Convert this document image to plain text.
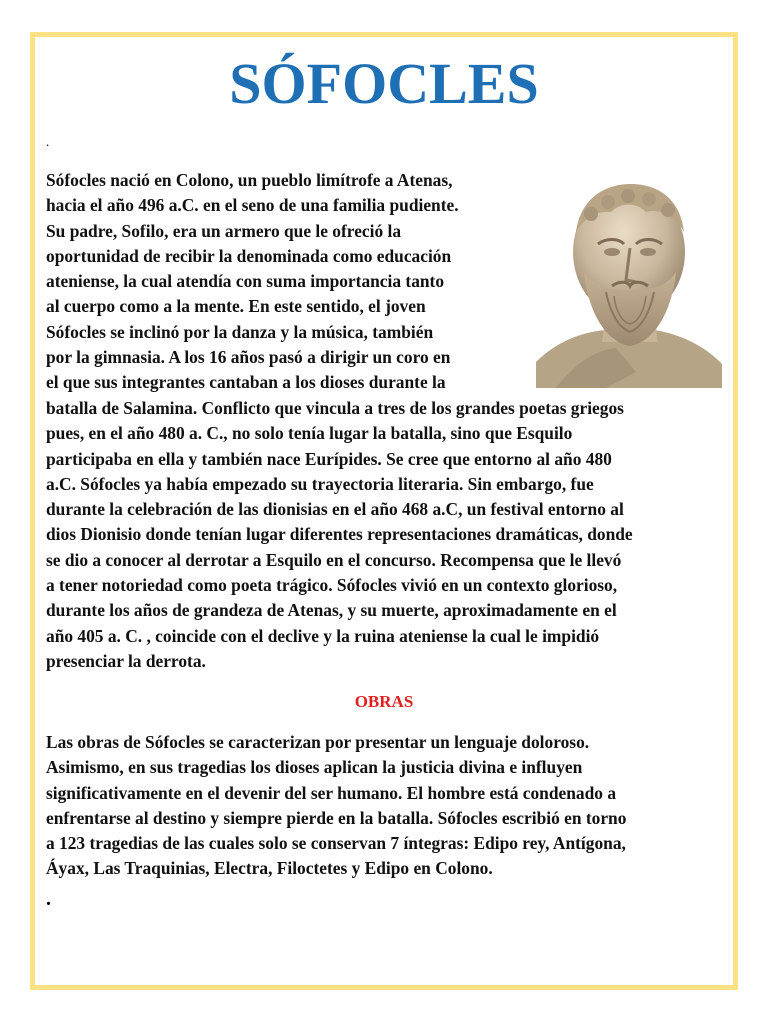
SÓFOCLES
.
Sófocles nació en Colono, un pueblo limítrofe a Atenas,
hacia el año 496 a.C. en el seno de una familia pudiente.
Su padre, Sofilo, era un armero que le ofreció la
oportunidad de recibir la denominada como educación
ateniense, la cual atendía con suma importancia tanto
al cuerpo como a la mente. En este sentido, el joven
Sófocles se inclinó por la danza y la música, también
por la gimnasia. A los 16 años pasó a dirigir un coro en
el que sus integrantes cantaban a los dioses durante la
batalla de Salamina. Conflicto que vincula a tres de los grandes poetas griegos
pues, en el año 480 a. C., no solo tenía lugar la batalla, sino que Esquilo
participaba en ella y también nace Eurípides. Se cree que entorno al año 480
a.C. Sófocles ya había empezado su trayectoria literaria. Sin embargo, fue
durante la celebración de las dionisias en el año 468 a.C, un festival entorno al
dios Dionisio donde tenían lugar diferentes representaciones dramáticas, donde
se dio a conocer al derrotar a Esquilo en el concurso. Recompensa que le llevó
a tener notoriedad como poeta trágico. Sófocles vivió en un contexto glorioso,
durante los años de grandeza de Atenas, y su muerte, aproximadamente en el
año 405 a. C. , coincide con el declive y la ruina ateniense la cual le impidió
presenciar la derrota.
OBRAS
Las obras de Sófocles se caracterizan por presentar un lenguaje doloroso.
Asimismo, en sus tragedias los dioses aplican la justicia divina e influyen
significativamente en el devenir del ser humano. El hombre está condenado a
enfrentarse al destino y siempre pierde en la batalla. Sófocles escribió en torno
a 123 tragedias de las cuales solo se conservan 7 íntegras: Edipo rey, Antígona,
Áyax, Las Traquinias, Electra, Filoctetes y Edipo en Colono.
.
